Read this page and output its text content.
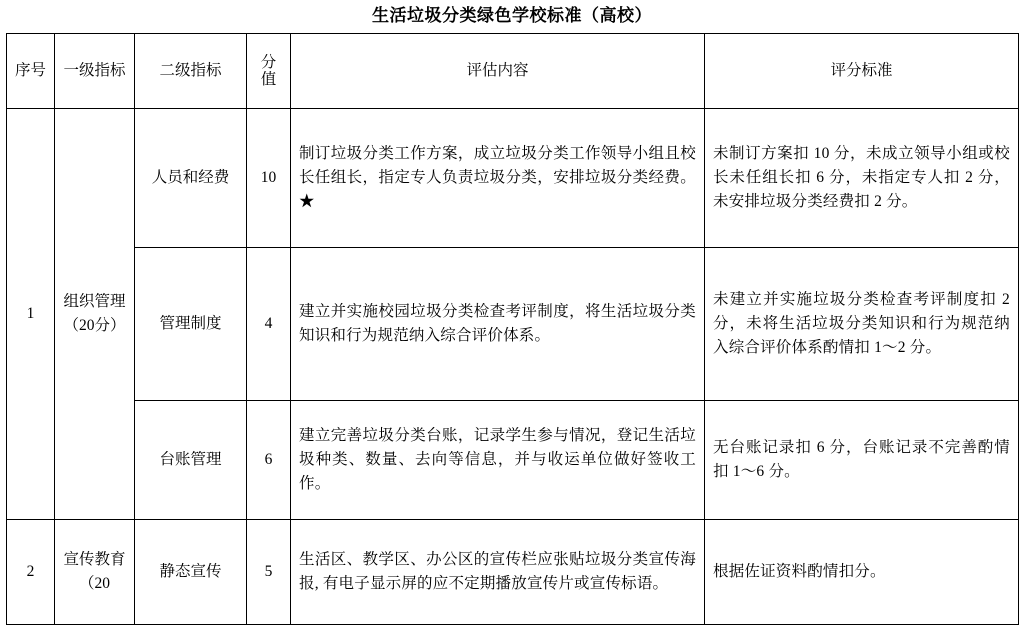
生活垃圾分类绿色学校标准（高校）
序号	一级指标	二级指标	分值	评估内容	评分标准
1	组织管理（20分）	人员和经费	10	制订垃圾分类工作方案，成立垃圾分类工作领导小组且校长任组长，指定专人负责垃圾分类，安排垃圾分类经费。★	未制订方案扣 10 分，未成立领导小组或校长未任组长扣 6 分，未指定专人扣 2 分，未安排垃圾分类经费扣 2 分。
		管理制度	4	建立并实施校园垃圾分类检查考评制度，将生活垃圾分类知识和行为规范纳入综合评价体系。	未建立并实施垃圾分类检查考评制度扣 2 分，未将生活垃圾分类知识和行为规范纳入综合评价体系酌情扣 1～2 分。
		台账管理	6	建立完善垃圾分类台账，记录学生参与情况，登记生活垃圾种类、数量、去向等信息，并与收运单位做好签收工作。	无台账记录扣 6 分，台账记录不完善酌情扣 1～6 分。
2	宣传教育（20	静态宣传	5	生活区、教学区、办公区的宣传栏应张贴垃圾分类宣传海报, 有电子显示屏的应不定期播放宣传片或宣传标语。	根据佐证资料酌情扣分。
